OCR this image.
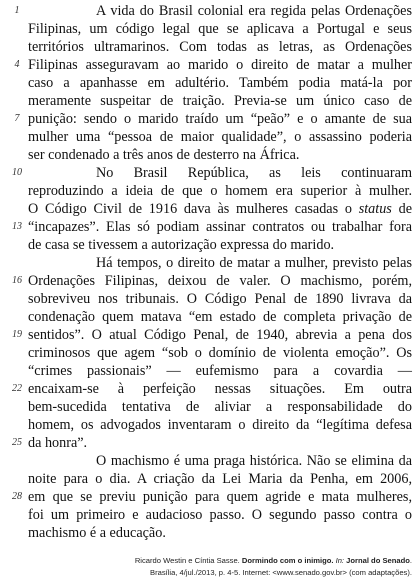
1
4
7
10
13
16
19
22
25
28
A vida do Brasil colonial era regida pelas Ordenações
Filipinas, um código legal que se aplicava a Portugal e seus
territórios ultramarinos. Com todas as letras, as Ordenações
Filipinas asseguravam ao marido o direito de matar a mulher
caso a apanhasse em adultério. Também podia matá-la por
meramente suspeitar de traição. Previa-se um único caso de
punição: sendo o marido traído um “peão” e o amante de sua
mulher uma “pessoa de maior qualidade”, o assassino poderia
ser condenado a três anos de desterro na África.
No Brasil República, as leis continuaram
reproduzindo a ideia de que o homem era superior à mulher.
O Código Civil de 1916 dava às mulheres casadas o status de
“incapazes”. Elas só podiam assinar contratos ou trabalhar fora
de casa se tivessem a autorização expressa do marido.
Há tempos, o direito de matar a mulher, previsto pelas
Ordenações Filipinas, deixou de valer. O machismo, porém,
sobreviveu nos tribunais. O Código Penal de 1890 livrava da
condenação quem matava “em estado de completa privação de
sentidos”. O atual Código Penal, de 1940, abrevia a pena dos
criminosos que agem “sob o domínio de violenta emoção”. Os
“crimes passionais” — eufemismo para a covardia —
encaixam-se à perfeição nessas situações. Em outra
bem-sucedida tentativa de aliviar a responsabilidade do
homem, os advogados inventaram o direito da “legítima defesa
da honra”.
O machismo é uma praga histórica. Não se elimina da
noite para o dia. A criação da Lei Maria da Penha, em 2006,
em que se previu punição para quem agride e mata mulheres,
foi um primeiro e audacioso passo. O segundo passo contra o
machismo é a educação.
Ricardo Westin e Cíntia Sasse. Dormindo com o inimigo. In: Jornal do Senado.
Brasília, 4/jul./2013, p. 4-5. Internet: <www.senado.gov.br> (com adaptações).
